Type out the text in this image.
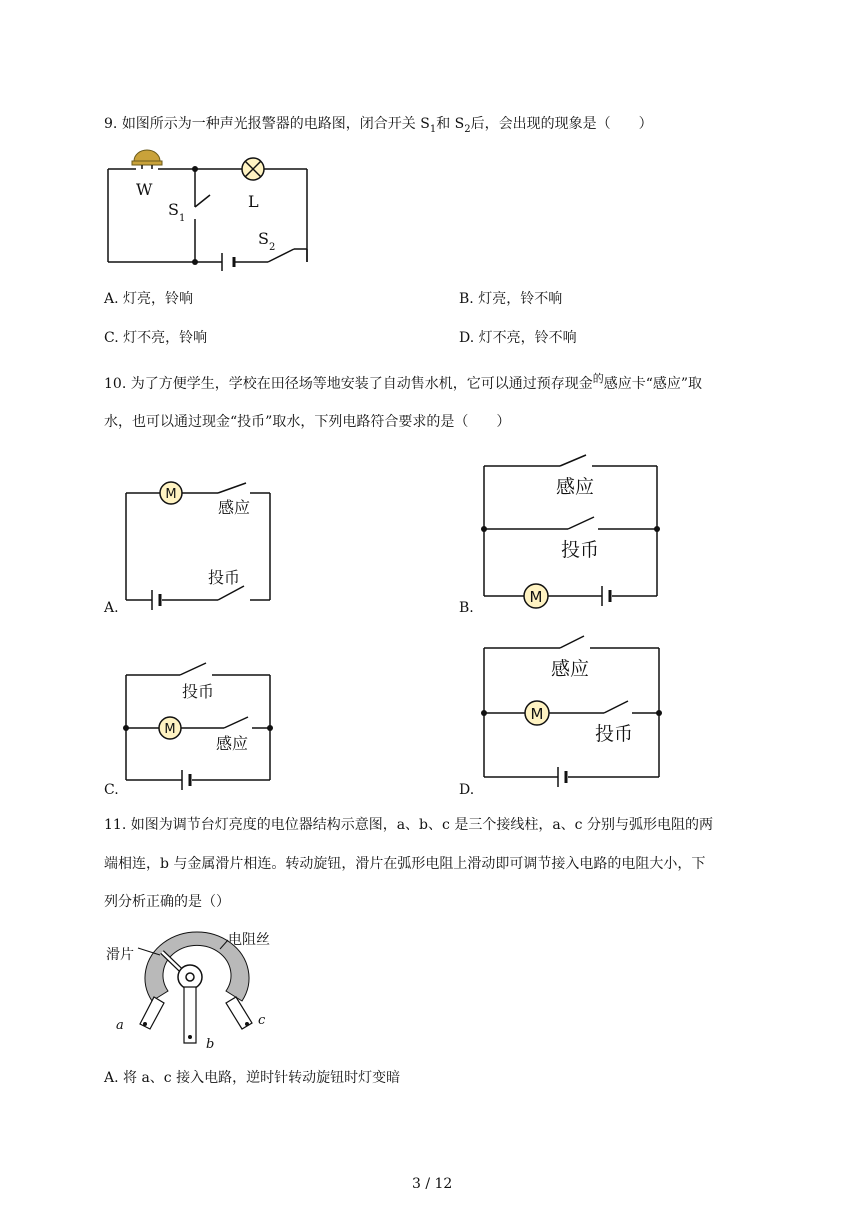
9. 如图所示为一种声光报警器的电路图，闭合开关 $S_1$和 $S_2$后，会出现的现象是（　　）
W
L
S 1
S 2
A. 灯亮，铃响	B. 灯亮，铃不响
C. 灯不亮，铃响	D. 灯不亮，铃不响
10. 为了方便学生，学校在田径场等地安装了自动售水机，它可以通过预存现金$^的$感应卡“感应”取
水，也可以通过现金“投币”取水，下列电路符合要求的是（　　）
M
感应
投币
A.
M
感应
投币
B.
M
投币
感应
C.
M
感应
投币
D.
11. 如图为调节台灯亮度的电位器结构示意图，a、b、c 是三个接线柱，a、c 分别与弧形电阻的两
端相连，b 与金属滑片相连。转动旋钮，滑片在弧形电阻上滑动即可调节接入电路的电阻大小，下
列分析正确的是（）
滑片
电阻丝
a
b
c
A. 将 a、c 接入电路，逆时针转动旋钮时灯变暗
3 / 12
